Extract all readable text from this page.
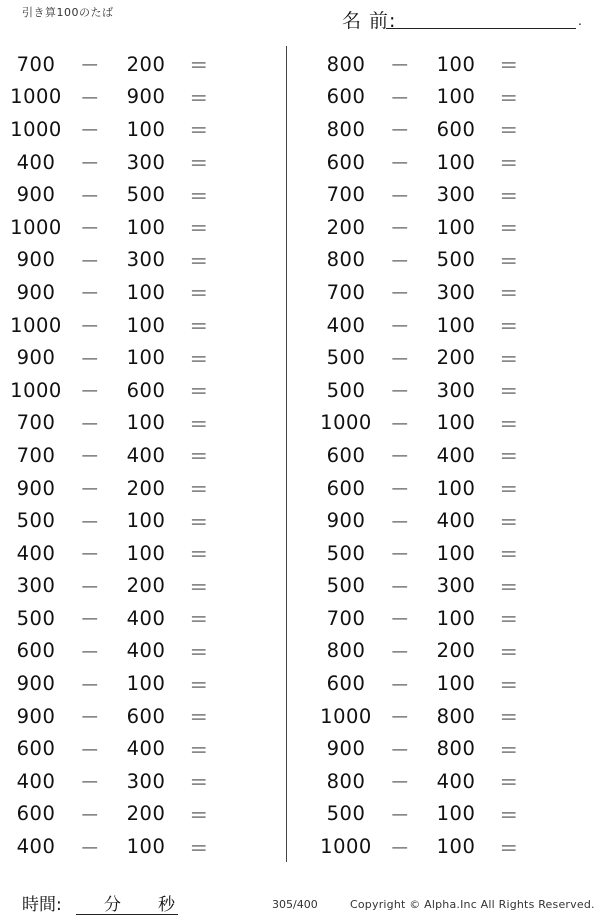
引き算100のたば	名 前:	.
700	－	200	＝
1000 －	900	＝
1000 －	100	＝
400	－	300	＝
900	－	500	＝
1000 －	100	＝
900	－	300	＝
900	－	100	＝
1000 －	100	＝
900	－	100	＝
1000 －	600	＝
700	－	100	＝
700	－	400	＝
900	－	200	＝
500	－	100	＝
400	－	100	＝
300	－	200	＝
500	－	400	＝
600	－	400	＝
900	－	100	＝
900	－	600	＝
600	－	400	＝
400	－	300	＝
600	－	200	＝
400	－	100	＝
800	－	100	＝
600	－	100	＝
800	－	600	＝
600	－	100	＝
700	－	300	＝
200	－	100	＝
800	－	500	＝
700	－	300	＝
400	－	100	＝
500	－	200	＝
500	－	300	＝
1000 －	100	＝
600	－	400	＝
600	－	100	＝
900	－	400	＝
500	－	100	＝
500	－	300	＝
700	－	100	＝
800	－	200	＝
600	－	100	＝
1000 －	800	＝
900	－	800	＝
800	－	400	＝
500	－	100	＝
1000 －	100	＝
時間: 分 秒	305/400	Copyright © Alpha.Inc All Rights Reserved.
